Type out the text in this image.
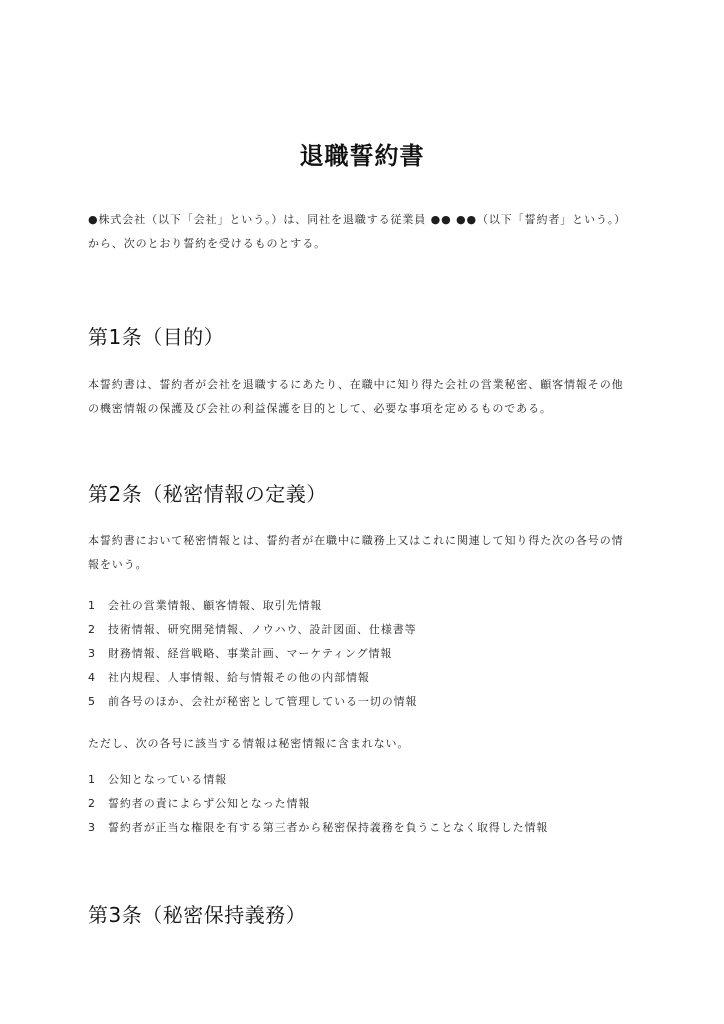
退職誓約書

●株式会社（以下「会社」という。）は、同社を退職する従業員 ●● ●●（以下「誓約者」という。）

から、次のとおり誓約を受けるものとする。

第1条（目的）

本誓約書は、誓約者が会社を退職するにあたり、在職中に知り得た会社の営業秘密、顧客情報その他

の機密情報の保護及び会社の利益保護を目的として、必要な事項を定めるものである。

第2条（秘密情報の定義）

本誓約書において秘密情報とは、誓約者が在職中に職務上又はこれに関連して知り得た次の各号の情

報をいう。

1	会社の営業情報、顧客情報、取引先情報
2	技術情報、研究開発情報、ノウハウ、設計図面、仕様書等
3	財務情報、経営戦略、事業計画、マーケティング情報
4	社内規程、人事情報、給与情報その他の内部情報
5	前各号のほか、会社が秘密として管理している一切の情報

ただし、次の各号に該当する情報は秘密情報に含まれない。

1	公知となっている情報
2	誓約者の責によらず公知となった情報
3	誓約者が正当な権限を有する第三者から秘密保持義務を負うことなく取得した情報
第3条（秘密保持義務）
